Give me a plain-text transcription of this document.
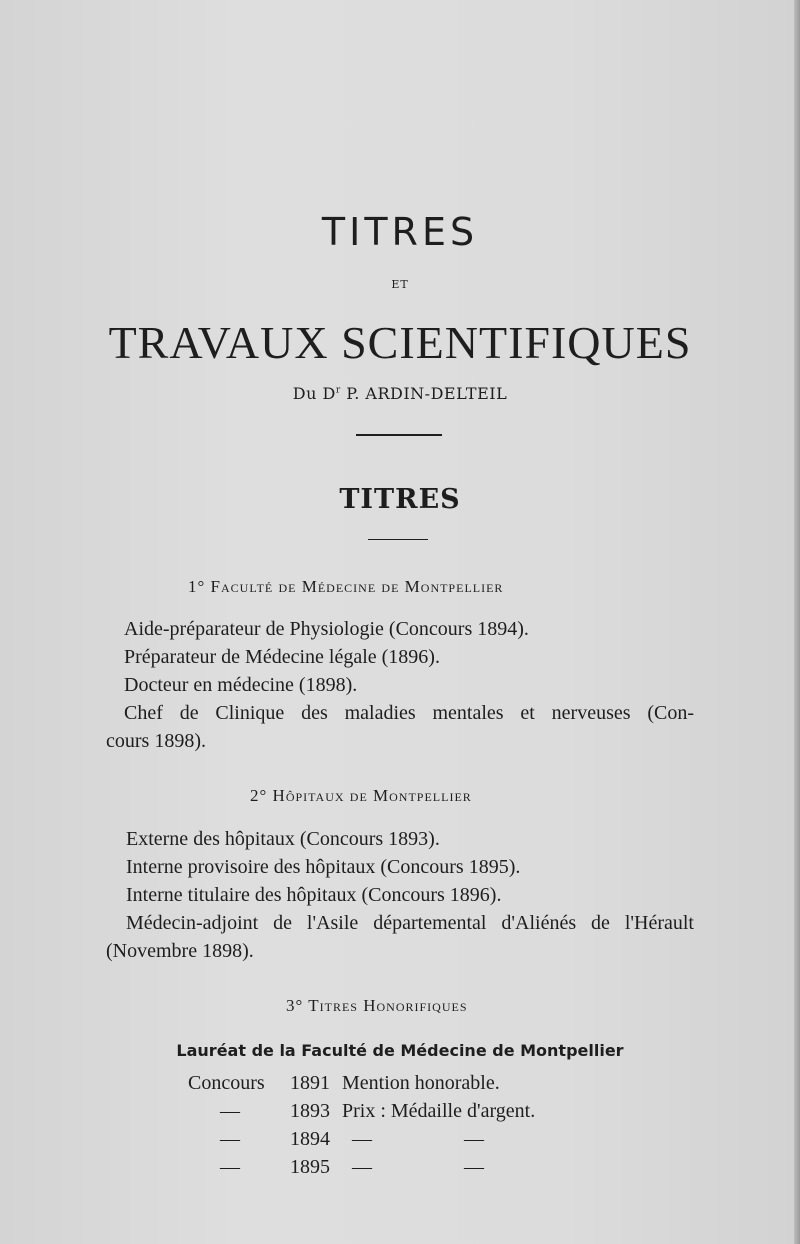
TITRES
ET
TRAVAUX SCIENTIFIQUES
Du $D^r$ P. ARDIN-DELTEIL
TITRES
1° Faculté de Médecine de Montpellier
Aide-préparateur de Physiologie (Concours 1894).
Préparateur de Médecine légale (1896).
Docteur en médecine (1898).
Chef de Clinique des maladies mentales et nerveuses (Con-
cours 1898).
2° Hôpitaux de Montpellier
Externe des hôpitaux (Concours 1893).
Interne provisoire des hôpitaux (Concours 1895).
Interne titulaire des hôpitaux (Concours 1896).
Médecin-adjoint de l'Asile départemental d'Aliénés de l'Hérault
(Novembre 1898).
3° Titres Honorifiques
Lauréat de la Faculté de Médecine de Montpellier
Concours 1891 Mention honorable.
—	1893 Prix : Médaille d'argent.
—	1894 —	—
—	1895 —	—
